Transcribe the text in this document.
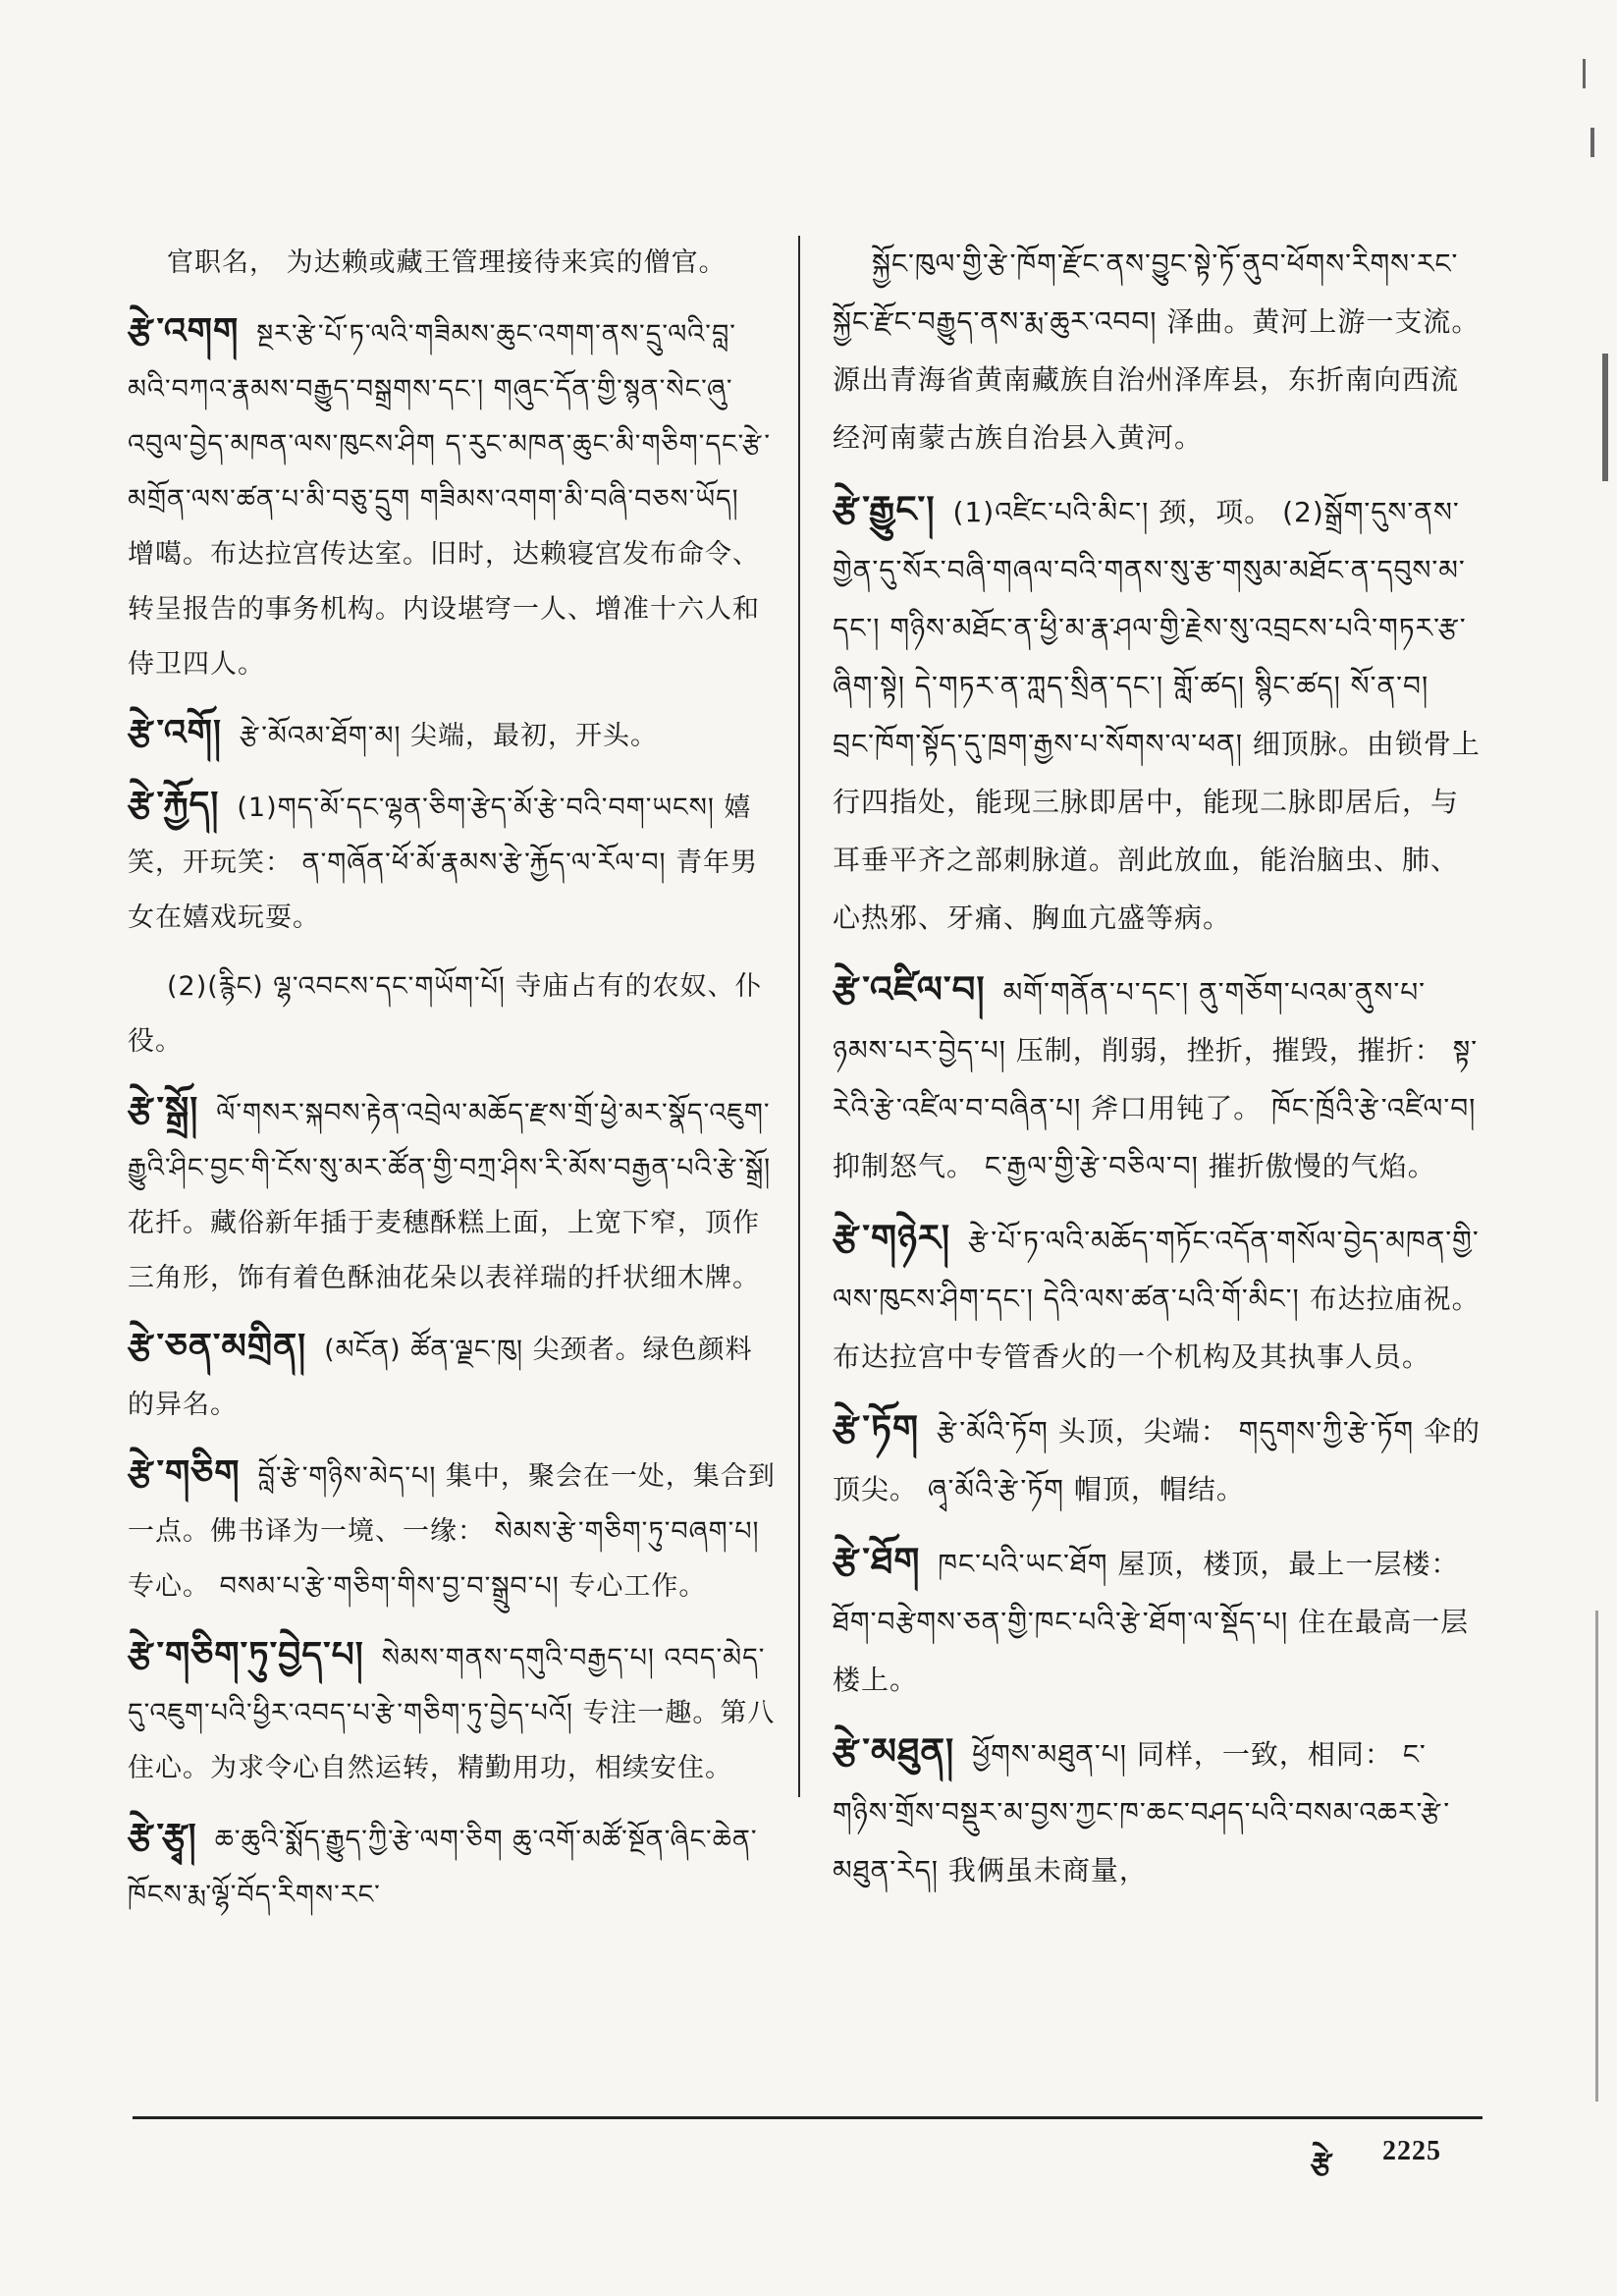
官职名， 为达赖或藏王管理接待来宾的僧官。
རྩེ་འགག སྔར་རྩེ་པོ་ཏ་ལའི་གཟིམས་ཆུང་འགག་ནས་དྲུ་ལའི་བླ་མའི་བཀའ་རྣམས་བརྒྱུད་བསྒྲགས་དང་། གཞུང་དོན་གྱི་སྙན་སེང་ཞུ་འབུལ་བྱེད་མཁན་ལས་ཁུངས་ཤིག ད་རུང་མཁན་ཆུང་མི་གཅིག་དང་རྩེ་མགྲོན་ལས་ཚན་པ་མི་བཅུ་དྲུག གཟིམས་འགག་མི་བཞི་བཅས་ཡོད། 增噶。布达拉宫传达室。旧时，达赖寝宫发布命令、转呈报告的事务机构。内设堪穹一人、增准十六人和侍卫四人。
རྩེ་འགོ། རྩེ་མོའམ་ཐོག་མ། 尖端，最初，开头。
རྩེ་རྐྱོད། (1)གད་མོ་དང་ལྷན་ཅིག་རྩེད་མོ་རྩེ་བའི་བག་ཡངས། 嬉笑，开玩笑： ན་གཞོན་ཕོ་མོ་རྣམས་རྩེ་རྐྱོད་ལ་རོལ་བ། 青年男女在嬉戏玩耍。
(2)(རྙིང) ལྷ་འབངས་དང་གཡོག་པོ། 寺庙占有的农奴、仆役。
རྩེ་སྒྲོ། ལོ་གསར་སྐབས་རྟེན་འབྲེལ་མཆོད་རྫས་གྲོ་ཕྱེ་མར་སྣོད་འཇུག་རྒྱུའི་ཤིང་བྱང་གི་ངོས་སུ་མར་ཚོན་གྱི་བཀྲ་ཤིས་རི་མོས་བརྒྱན་པའི་རྩེ་སྒྲོ། 花扦。藏俗新年插于麦穗酥糕上面，上宽下窄，顶作三角形，饰有着色酥油花朵以表祥瑞的扦状细木牌。
རྩེ་ཅན་མགྲིན། (མངོན) ཚོན་ལྗང་ཁུ། 尖颈者。绿色颜料的异名。
རྩེ་གཅིག བློ་རྩེ་གཉིས་མེད་པ། 集中，聚会在一处，集合到一点。佛书译为一境、一缘： སེམས་རྩེ་གཅིག་ཏུ་བཞག་པ། 专心。 བསམ་པ་རྩེ་གཅིག་གིས་བྱ་བ་སྒྲུབ་པ། 专心工作。
རྩེ་གཅིག་ཏུ་བྱེད་པ། སེམས་གནས་དགུའི་བརྒྱད་པ། འབད་མེད་དུ་འཇུག་པའི་ཕྱིར་འབད་པ་རྩེ་གཅིག་ཏུ་བྱེད་པའོ། 专注一趣。第八住心。为求令心自然运转，精勤用功，相续安住。
རྩེ་རྩྭ། ཆ་ཆུའི་སྨོད་རྒྱུད་ཀྱི་རྩེ་ལག་ཅིག ཆུ་འགོ་མཚོ་སྔོན་ཞིང་ཆེན་ཁོངས་རྨ་ལྷོ་བོད་རིགས་རང་
སྐྱོང་ཁུལ་གྱི་རྩེ་ཁོག་རྫོང་ནས་བྱུང་སྟེ་ཏོ་ནུབ་ཕོགས་རིགས་རང་སྐྱོང་རྫོང་བརྒྱུད་ནས་རྨ་ཆུར་འབབ། 泽曲。黄河上游一支流。源出青海省黄南藏族自治州泽库县，东折南向西流经河南蒙古族自治县入黄河。
རྩེ་རྒྱུང་། (1)འཛིང་པའི་མིང་། 颈，项。 (2)སྒྲོག་དུས་ནས་གྱེན་དུ་སོར་བཞི་གཞལ་བའི་གནས་སུ་རྩ་གསུམ་མཐོང་ན་དབུས་མ་དང་། གཉིས་མཐོང་ན་ཕྱི་མ་རྣ་ཤལ་གྱི་རྗེས་སུ་འབྲངས་པའི་གཏར་རྩ་ཞིག་སྟེ། དེ་གཏར་ན་ཀླད་སྲིན་དང་། གློ་ཚད། སྙིང་ཚད། སོ་ན་བ། བྲང་ཁོག་སྟོད་དུ་ཁྲག་རྒྱས་པ་སོགས་ལ་ཕན། 细顶脉。由锁骨上行四指处，能现三脉即居中，能现二脉即居后，与耳垂平齐之部刺脉道。剖此放血，能治脑虫、肺、心热邪、牙痛、胸血亢盛等病。
རྩེ་འཛིལ་བ། མགོ་གནོན་པ་དང་། ནུ་གཅོག་པའམ་ནུས་པ་ཉམས་པར་བྱེད་པ། 压制，削弱，挫折，摧毁，摧折： སྟ་རེའི་རྩེ་འཛིལ་བ་བཞིན་པ། 斧口用钝了。 ཁོང་ཁྲོའི་རྩེ་འཛིལ་བ། 抑制怒气。 ང་རྒྱལ་གྱི་རྩེ་བཅིལ་བ། 摧折傲慢的气焰。
རྩེ་གཉེར། རྩེ་པོ་ཏ་ལའི་མཆོད་གཏོང་འདོན་གསོལ་བྱེད་མཁན་གྱི་ལས་ཁུངས་ཤིག་དང་། དེའི་ལས་ཚན་པའི་གོ་མིང་། 布达拉庙祝。布达拉宫中专管香火的一个机构及其执事人员。
རྩེ་ཏོག རྩེ་མོའི་ཏོག 头顶，尖端： གདུགས་ཀྱི་རྩེ་ཏོག 伞的顶尖。 ཞྭ་མོའི་རྩེ་ཏོག 帽顶，帽结。
རྩེ་ཐོག ཁང་པའི་ཡང་ཐོག 屋顶，楼顶，最上一层楼： ཐོག་བརྩེགས་ཅན་གྱི་ཁང་པའི་རྩེ་ཐོག་ལ་སྡོད་པ། 住在最高一层楼上。
རྩེ་མཐུན། ཕྱོགས་མཐུན་པ། 同样，一致，相同： ང་གཉིས་གྲོས་བསྡུར་མ་བྱས་ཀྱང་ཁ་ཆང་བཤད་པའི་བསམ་འཆར་རྩེ་མཐུན་རེད། 我俩虽未商量，
རྩེ 2225
